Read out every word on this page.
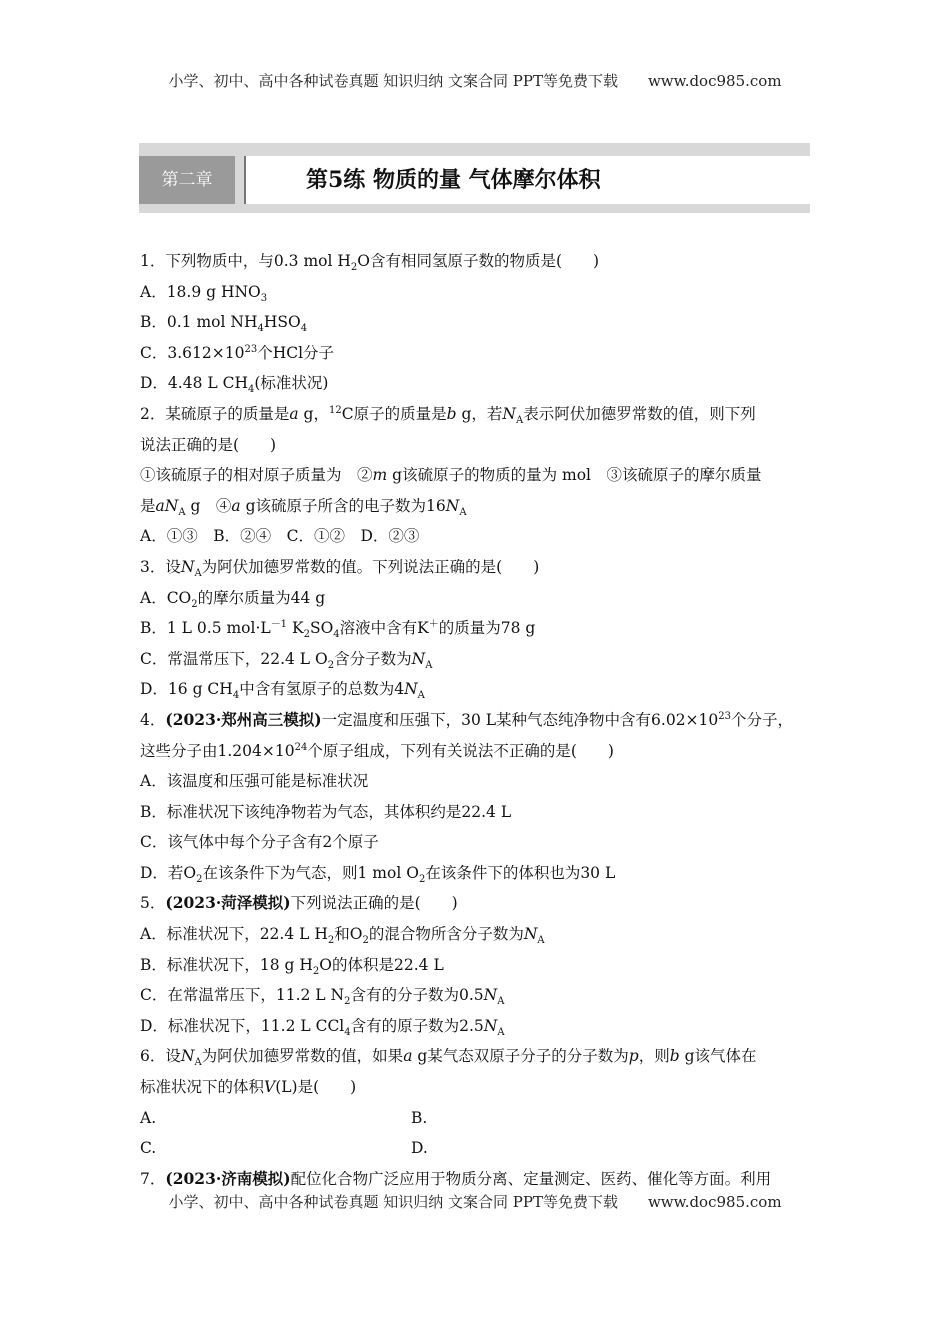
小学、初中、高中各种试卷真题 知识归纳 文案合同 PPT等免费下载 www.doc985.com
第二章	第5练 物质的量 气体摩尔体积
1．下列物质中，与0.3 mol $H_2O$含有相同氢原子数的物质是(　　)
A．18.9 g $HNO_3$
B．0.1 mol $NH_4HSO_4$
C．$3.612\times 10^{23}$个HCl分子
D．4.48 L $CH_4$(标准状况)
2．某硫原子的质量是a g，$^{12}$C原子的质量是b g，若$N_A$表示阿伏加德罗常数的值，则下列
说法正确的是(　　)
①该硫原子的相对原子质量为　②m g该硫原子的物质的量为 mol　③该硫原子的摩尔质量
是$aN_A$ g　④a g该硫原子所含的电子数为$16N_A$
A．①③　B．②④　C．①②　D．②③
3．设$N_A$为阿伏加德罗常数的值。下列说法正确的是(　　)
A．$CO_2$的摩尔质量为44 g
B．1 L 0.5 $mol\cdot L^{-1}$ $K_2SO_4$溶液中含有K＋的质量为78 g
C．常温常压下，22.4 L $O_2$含分子数为$N_A$
D．16 g $CH_4$中含有氢原子的总数为$4N_A$
4．(2023·郑州高三模拟)一定温度和压强下，30 L某种气态纯净物中含有$6.02\times 10^{23}$个分子，
这些分子由$1.204\times 10^{24}$个原子组成，下列有关说法不正确的是(　　)
A．该温度和压强可能是标准状况
B．标准状况下该纯净物若为气态，其体积约是22.4 L
C．该气体中每个分子含有2个原子
D．若$O_2$在该条件下为气态，则1 mol $O_2$在该条件下的体积也为30 L
5．(2023·菏泽模拟)下列说法正确的是(　　)
A．标准状况下，22.4 L $H_2$和$O_2$的混合物所含分子数为$N_A$
B．标准状况下，18 g $H_2O$的体积是22.4 L
C．在常温常压下，11.2 L $N_2$含有的分子数为$0.5N_A$
D．标准状况下，11.2 L CCl$_4$含有的原子数为$2.5N_A$
6．设$N_A$为阿伏加德罗常数的值，如果a g某气态双原子分子的分子数为p，则b g该气体在
标准状况下的体积V(L)是(　　)
A.	B.
C.	D.
7．(2023·济南模拟)配位化合物广泛应用于物质分离、定量测定、医药、催化等方面。利用
小学、初中、高中各种试卷真题 知识归纳 文案合同 PPT等免费下载 www.doc985.com
